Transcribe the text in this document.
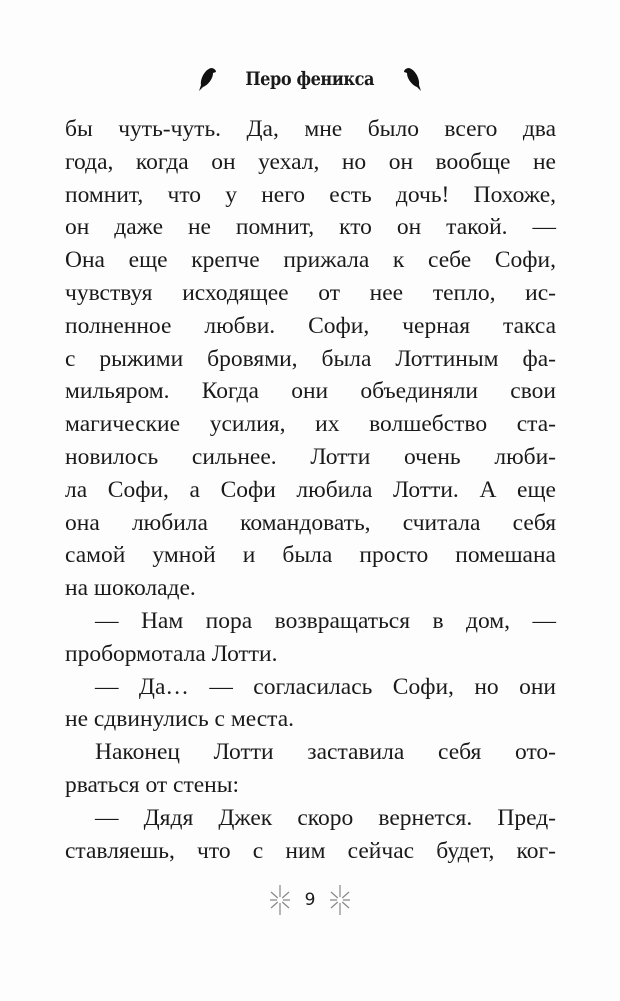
Перо феникса
бы чуть-чуть. Да, мне было всего два
года, когда он уехал, но он вообще не
помнит, что у него есть дочь! Похоже,
он даже не помнит, кто он такой. —
Она еще крепче прижала к себе Софи,
чувствуя исходящее от нее тепло, ис-
полненное любви. Софи, черная такса
с рыжими бровями, была Лоттиным фа-
мильяром. Когда они объединяли свои
магические усилия, их волшебство ста-
новилось сильнее. Лотти очень люби-
ла Софи, а Софи любила Лотти. А еще
она любила командовать, считала себя
самой умной и была просто помешана
на шоколаде.
— Нам пора возвращаться в дом, —
пробормотала Лотти.
— Да… — согласилась Софи, но они
не сдвинулись с места.
Наконец Лотти заставила себя ото-
рваться от стены:
— Дядя Джек скоро вернется. Пред-
ставляешь, что с ним сейчас будет, ког-
9
